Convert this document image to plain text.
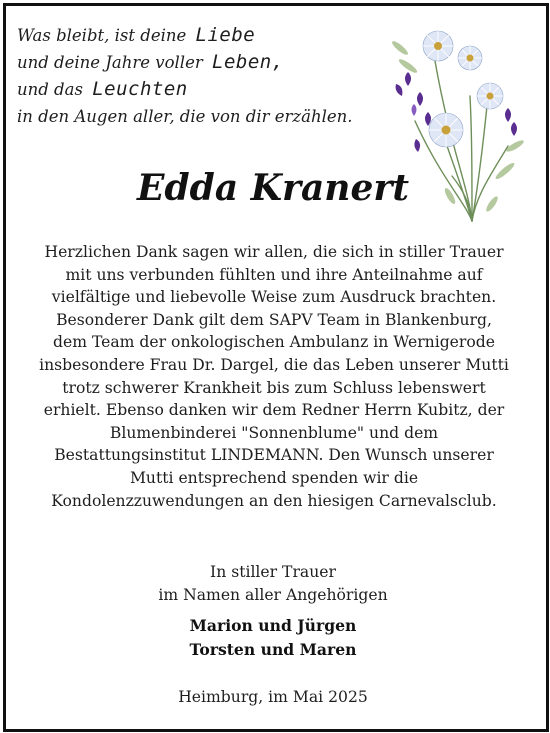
Was bleibt, ist deine Liebe
und deine Jahre voller Leben,
und das Leuchten
in den Augen aller, die von dir erzählen.
Edda Kranert
Herzlichen Dank sagen wir allen, die sich in stiller Trauer
mit uns verbunden fühlten und ihre Anteilnahme auf
vielfältige und liebevolle Weise zum Ausdruck brachten.
Besonderer Dank gilt dem SAPV Team in Blankenburg,
dem Team der onkologischen Ambulanz in Wernigerode
insbesondere Frau Dr. Dargel, die das Leben unserer Mutti
trotz schwerer Krankheit bis zum Schluss lebenswert
erhielt. Ebenso danken wir dem Redner Herrn Kubitz, der
Blumenbinderei "Sonnenblume" und dem
Bestattungsinstitut LINDEMANN. Den Wunsch unserer
Mutti entsprechend spenden wir die
Kondolenzzuwendungen an den hiesigen Carnevalsclub.
In stiller Trauer
im Namen aller Angehörigen
Marion und Jürgen
Torsten und Maren
Heimburg, im Mai 2025
